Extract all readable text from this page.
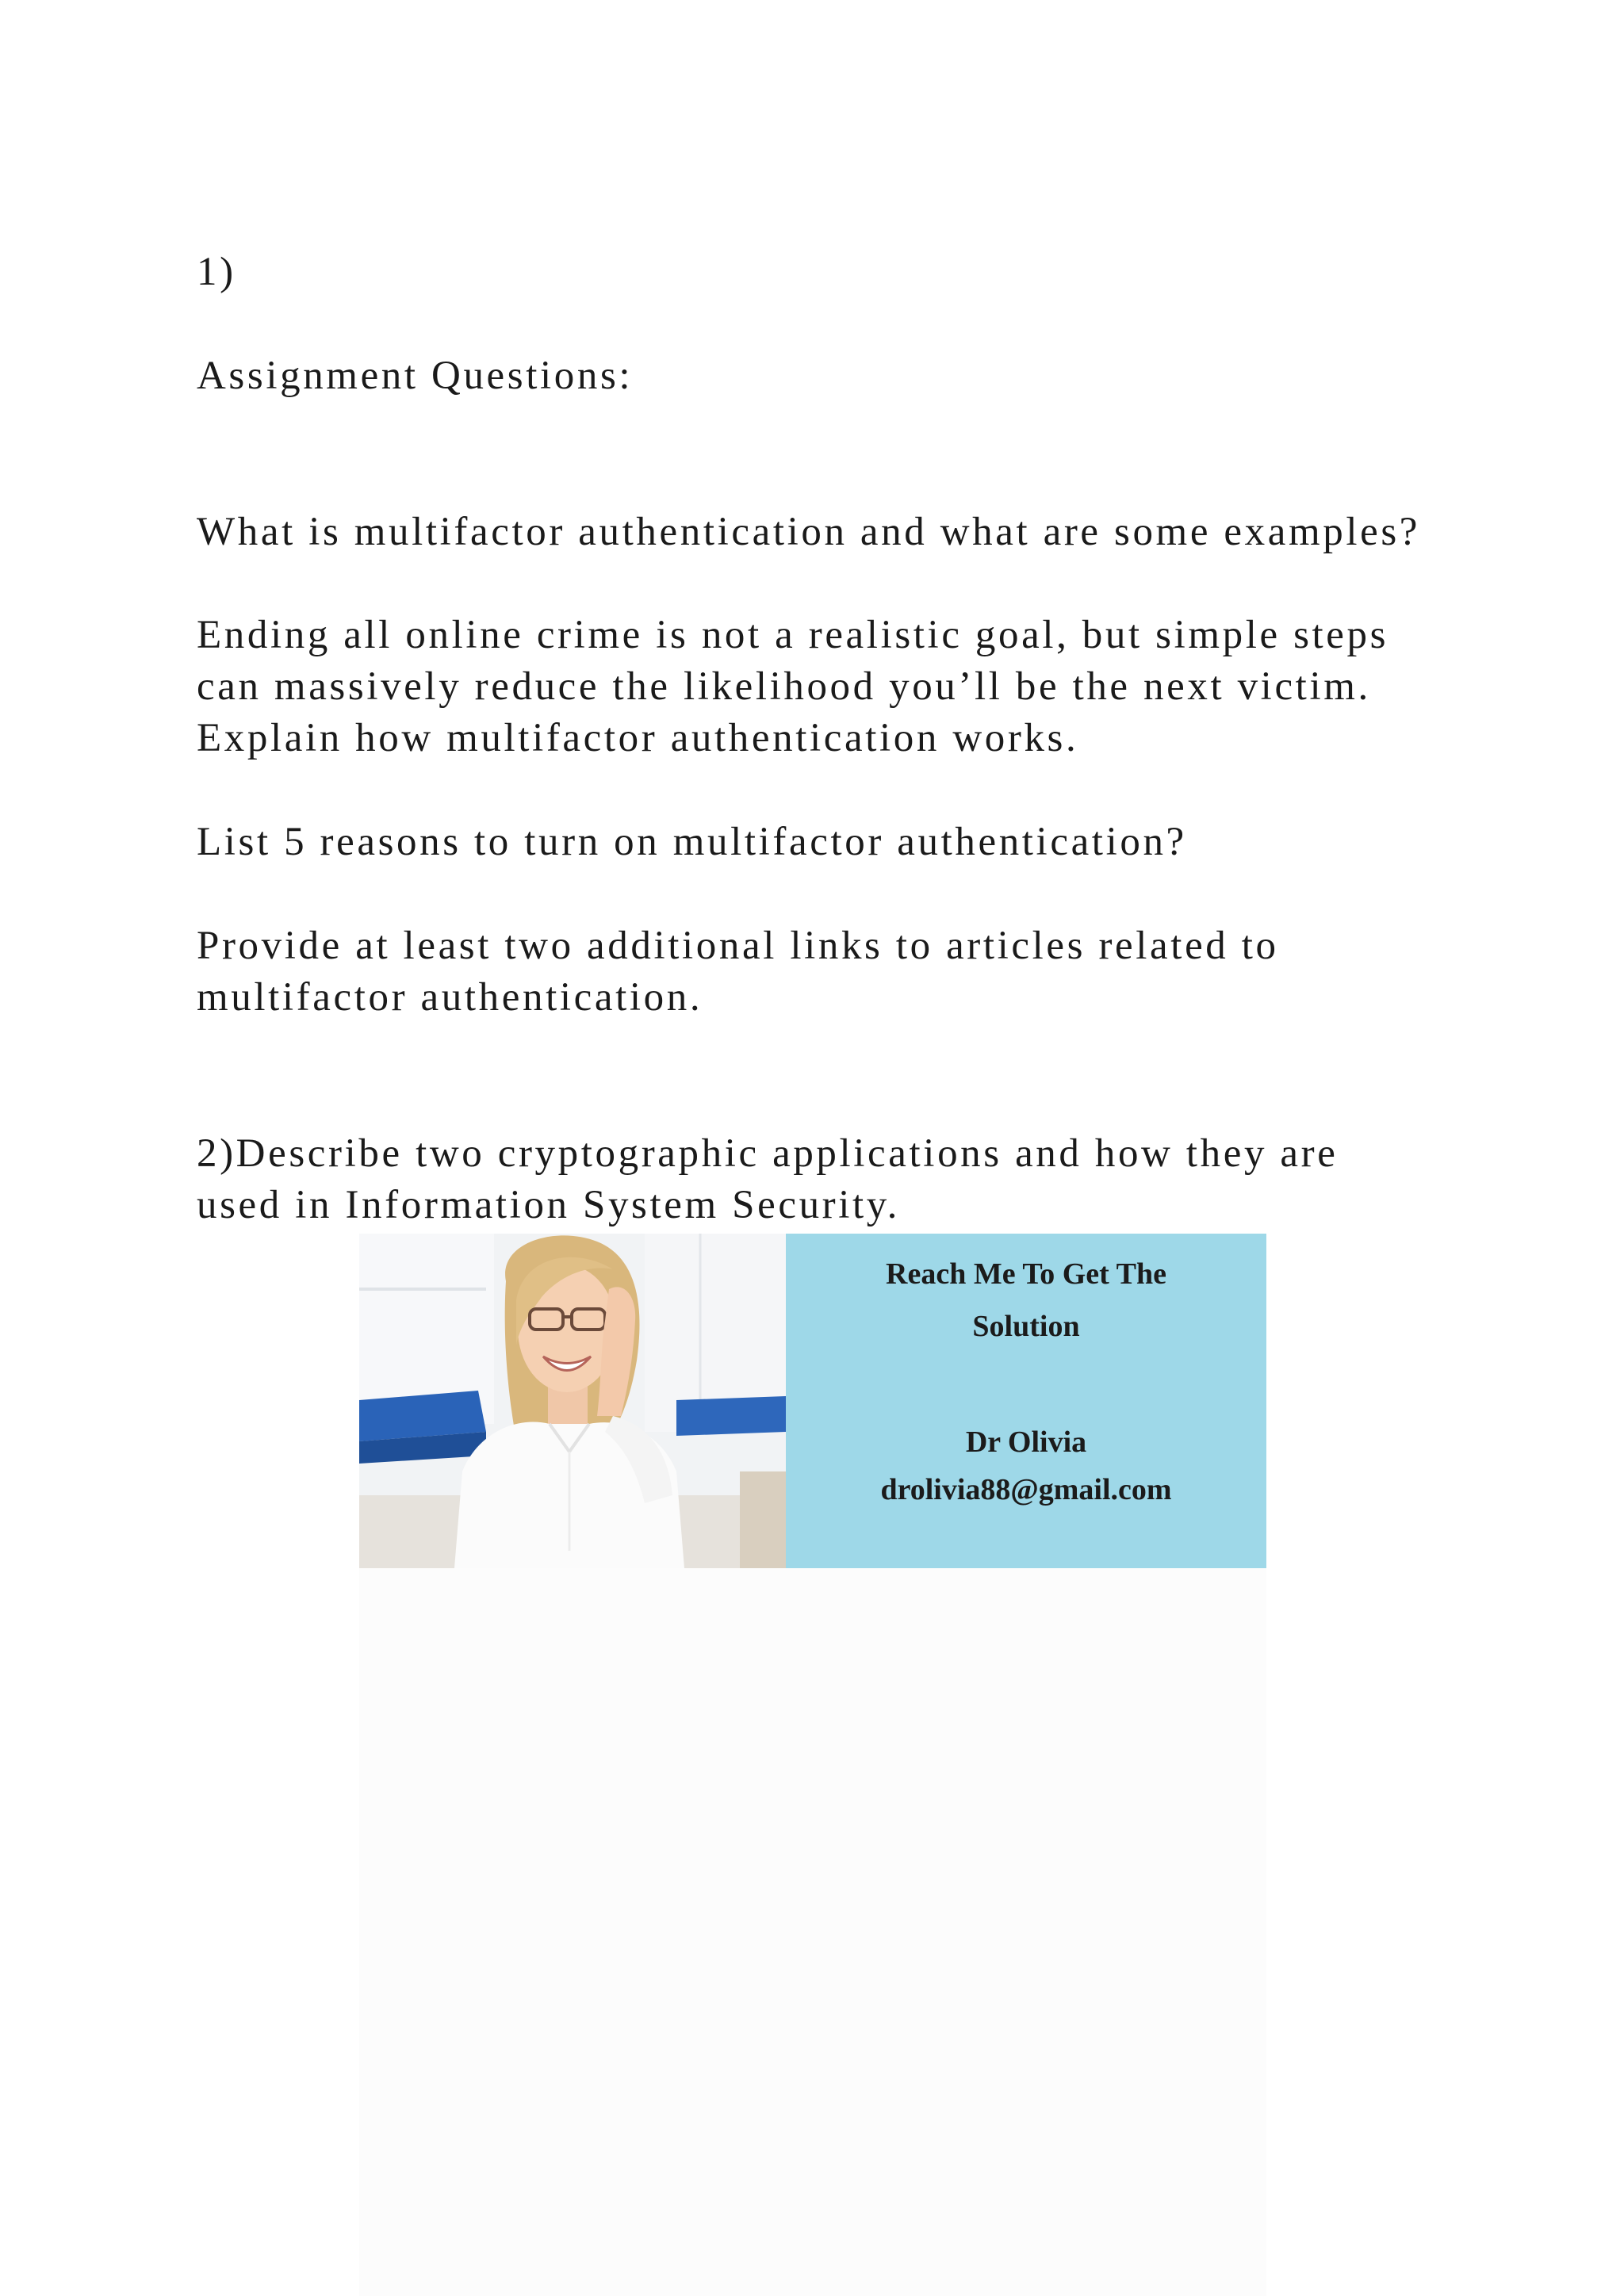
1)
Assignment Questions:
What is multifactor authentication and what are some examples?
Ending all online crime is not a realistic goal, but simple steps
can massively reduce the likelihood you’ll be the next victim.
Explain how multifactor authentication works.
List 5 reasons to turn on multifactor authentication?
Provide at least two additional links to articles related to
multifactor authentication.
2)Describe two cryptographic applications and how they are
used in Information System Security.
Reach Me To Get The
Solution
Dr Olivia
drolivia88@gmail.com
